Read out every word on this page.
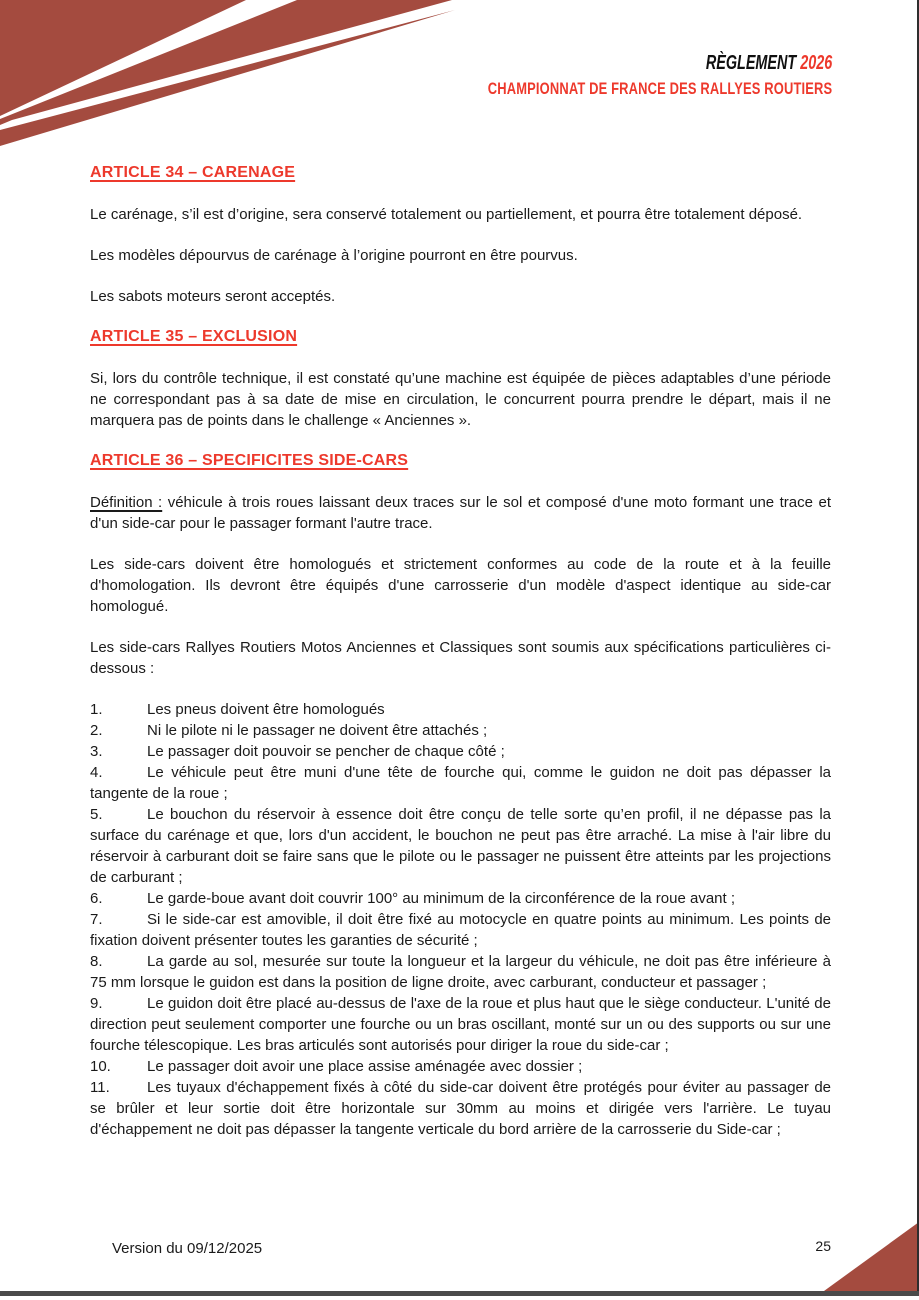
RÈGLEMENT 2026
CHAMPIONNAT DE FRANCE DES RALLYES ROUTIERS
ARTICLE 34 – CARENAGE

Le carénage, s’il est d’origine, sera conservé totalement ou partiellement, et pourra être totalement déposé.

Les modèles dépourvus de carénage à l’origine pourront en être pourvus.

Les sabots moteurs seront acceptés.

ARTICLE 35 – EXCLUSION

Si, lors du contrôle technique, il est constaté qu’une machine est équipée de pièces adaptables d’une période ne correspondant pas à sa date de mise en circulation, le concurrent pourra prendre le départ, mais il ne marquera pas de points dans le challenge « Anciennes ».

ARTICLE 36 – SPECIFICITES SIDE-CARS

Définition : véhicule à trois roues laissant deux traces sur le sol et composé d'une moto formant une trace et d'un side-car pour le passager formant l'autre trace.

Les side-cars doivent être homologués et strictement conformes au code de la route et à la feuille d'homologation. Ils devront être équipés d'une carrosserie d'un modèle d'aspect identique au side-car homologué.

Les side-cars Rallyes Routiers Motos Anciennes et Classiques sont soumis aux spécifications particulières ci-dessous :

1.	Les pneus doivent être homologués

2.	Ni le pilote ni le passager ne doivent être attachés ;

3.	Le passager doit pouvoir se pencher de chaque côté ;

4.	Le véhicule peut être muni d'une tête de fourche qui, comme le guidon ne doit pas dépasser la tangente de la roue ;

5.	Le bouchon du réservoir à essence doit être conçu de telle sorte qu’en profil, il ne dépasse pas la surface du carénage et que, lors d'un accident, le bouchon ne peut pas être arraché. La mise à l'air libre du réservoir à carburant doit se faire sans que le pilote ou le passager ne puissent être atteints par les projections de carburant ;

6.	Le garde-boue avant doit couvrir 100° au minimum de la circonférence de la roue avant ;

7.	Si le side-car est amovible, il doit être fixé au motocycle en quatre points au minimum. Les points de fixation doivent présenter toutes les garanties de sécurité ;

8.	La garde au sol, mesurée sur toute la longueur et la largeur du véhicule, ne doit pas être inférieure à 75 mm lorsque le guidon est dans la position de ligne droite, avec carburant, conducteur et passager ;

9.	Le guidon doit être placé au-dessus de l'axe de la roue et plus haut que le siège conducteur. L'unité de direction peut seulement comporter une fourche ou un bras oscillant, monté sur un ou des supports ou sur une fourche télescopique. Les bras articulés sont autorisés pour diriger la roue du side-car ;

10. Le passager doit avoir une place assise aménagée avec dossier ;

11. Les tuyaux d'échappement fixés à côté du side-car doivent être protégés pour éviter au passager de se brûler et leur sortie doit être horizontale sur 30mm au moins et dirigée vers l'arrière. Le tuyau d'échappement ne doit pas dépasser la tangente verticale du bord arrière de la carrosserie du Side-car ;

Version du 09/12/2025	25
